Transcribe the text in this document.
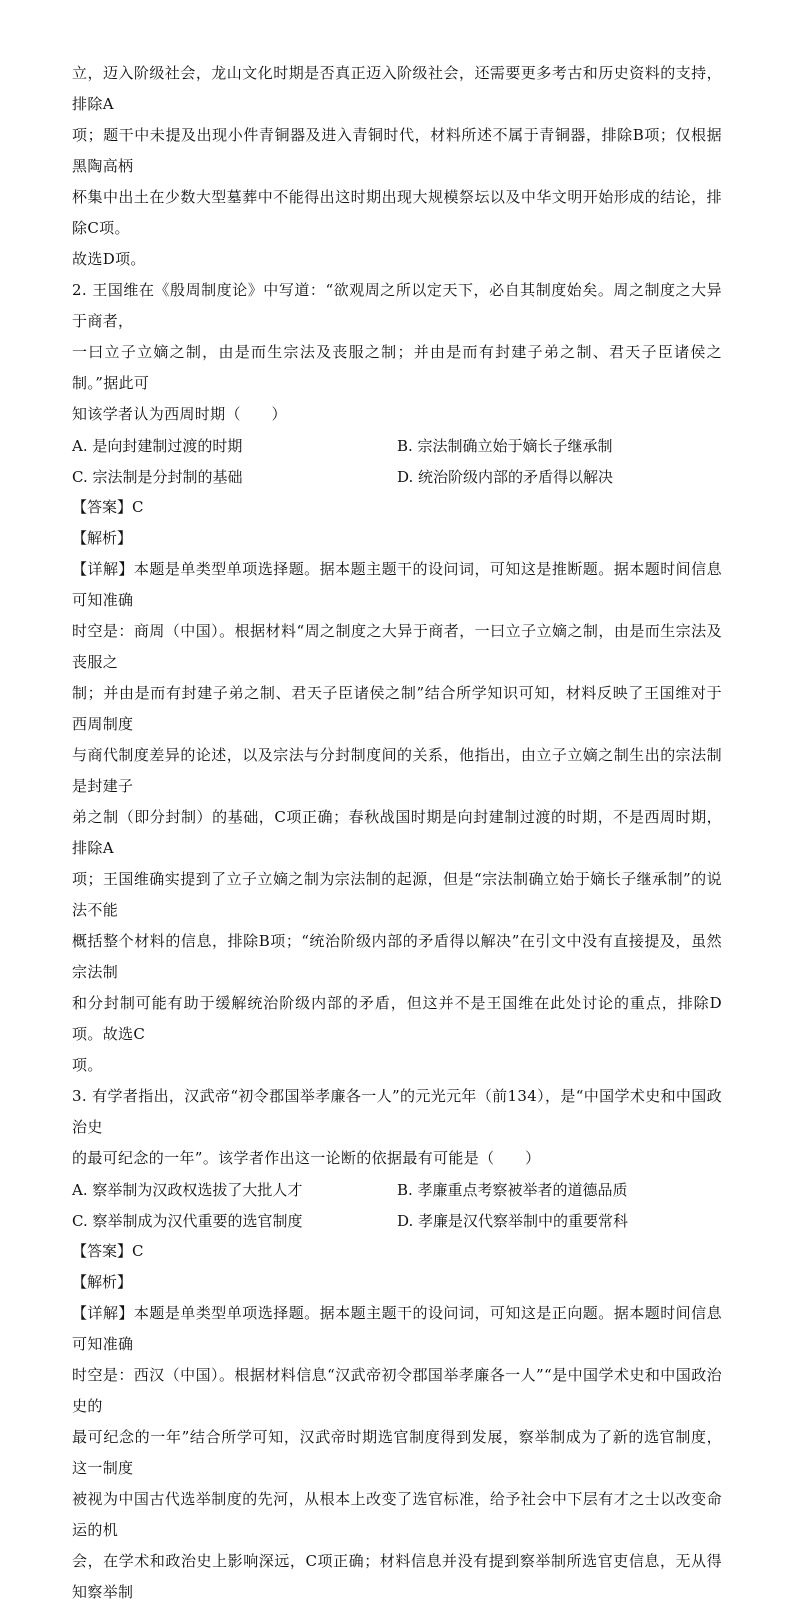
立，迈入阶级社会，龙山文化时期是否真正迈入阶级社会，还需要更多考古和历史资料的支持，排除A

项；题干中未提及出现小件青铜器及进入青铜时代，材料所述不属于青铜器，排除B项；仅根据黑陶高柄

杯集中出土在少数大型墓葬中不能得出这时期出现大规模祭坛以及中华文明开始形成的结论，排除C项。

故选D项。

2. 王国维在《殷周制度论》中写道：“欲观周之所以定天下，必自其制度始矣。周之制度之大异于商者，

一曰立子立嫡之制，由是而生宗法及丧服之制；并由是而有封建子弟之制、君天子臣诸侯之制。”据此可

知该学者认为西周时期（　　）

A. 是向封建制过渡的时期	B. 宗法制确立始于嫡长子继承制
C. 宗法制是分封制的基础	D. 统治阶级内部的矛盾得以解决
【答案】C
【解析】

【详解】本题是单类型单项选择题。据本题主题干的设问词，可知这是推断题。据本题时间信息可知准确

时空是：商周（中国）。根据材料“周之制度之大异于商者，一曰立子立嫡之制，由是而生宗法及丧服之

制；并由是而有封建子弟之制、君天子臣诸侯之制”结合所学知识可知，材料反映了王国维对于西周制度

与商代制度差异的论述，以及宗法与分封制度间的关系，他指出，由立子立嫡之制生出的宗法制是封建子

弟之制（即分封制）的基础，C项正确；春秋战国时期是向封建制过渡的时期，不是西周时期，排除A

项；王国维确实提到了立子立嫡之制为宗法制的起源，但是“宗法制确立始于嫡长子继承制”的说法不能

概括整个材料的信息，排除B项；“统治阶级内部的矛盾得以解决”在引文中没有直接提及，虽然宗法制

和分封制可能有助于缓解统治阶级内部的矛盾，但这并不是王国维在此处讨论的重点，排除D项。故选C

项。

3. 有学者指出，汉武帝“初令郡国举孝廉各一人”的元光元年（前134），是“中国学术史和中国政治史

的最可纪念的一年”。该学者作出这一论断的依据最有可能是（　　）

A. 察举制为汉政权选拔了大批人才	B. 孝廉重点考察被举者的道德品质
C. 察举制成为汉代重要的选官制度	D. 孝廉是汉代察举制中的重要常科
【答案】C
【解析】

【详解】本题是单类型单项选择题。据本题主题干的设问词，可知这是正向题。据本题时间信息可知准确

时空是：西汉（中国）。根据材料信息“汉武帝初令郡国举孝廉各一人”“是中国学术史和中国政治史的

最可纪念的一年”结合所学可知，汉武帝时期选官制度得到发展，察举制成为了新的选官制度，这一制度

被视为中国古代选举制度的先河，从根本上改变了选官标准，给予社会中下层有才之士以改变命运的机

会，在学术和政治史上影响深远，C项正确；材料信息并没有提到察举制所选官吏信息，无从得知察举制
